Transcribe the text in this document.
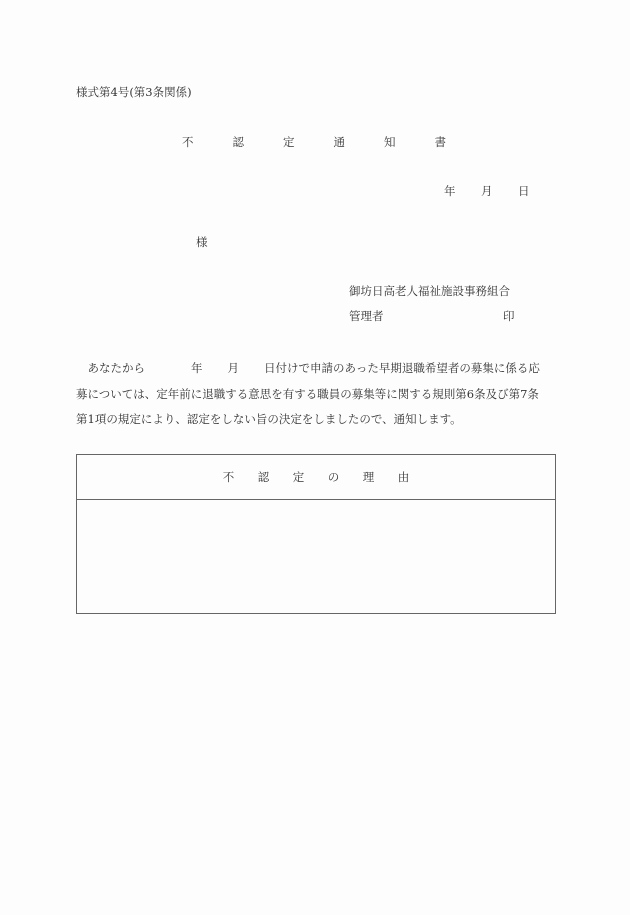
様式第4号(第3条関係)
不	認	定	通	知	書
年 月 日
様
御坊日高老人福祉施設事務組合
管理者	印
　あなたから	年 月 日付けで申請のあった早期退職希望者の募集に係る応
募については、定年前に退職する意思を有する職員の募集等に関する規則第6条及び第7条
第1項の規定により、認定をしない旨の決定をしましたので、通知します。
不	認	定	の	理	由
